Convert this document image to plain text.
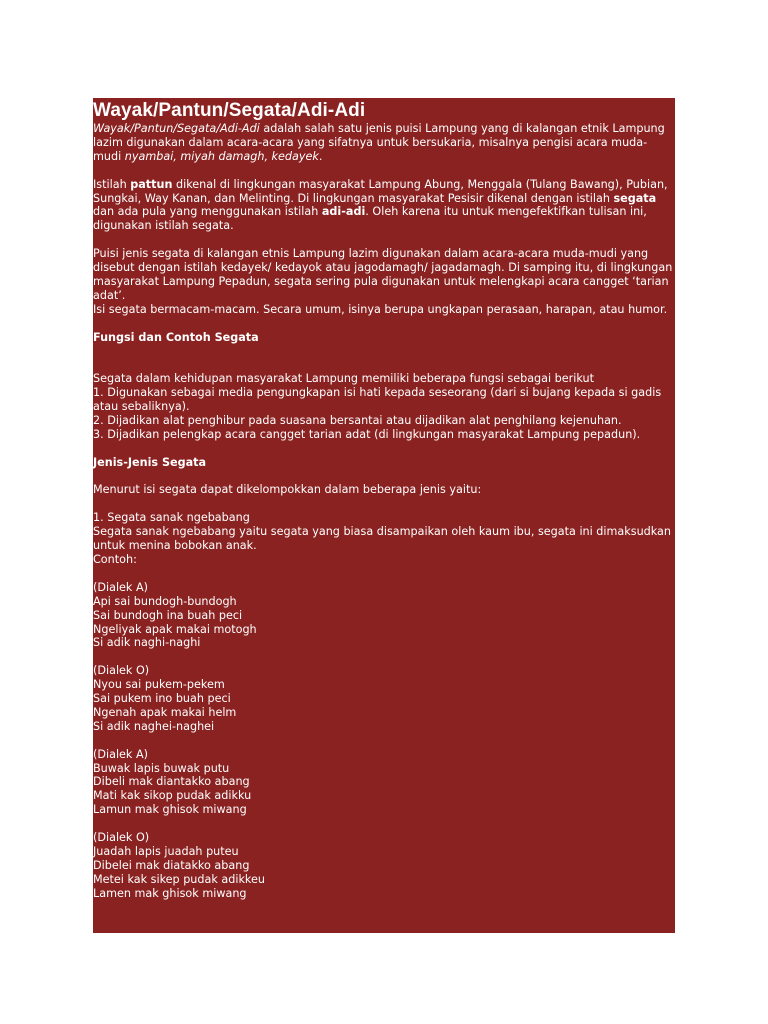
Wayak/Pantun/Segata/Adi-Adi

Wayak/Pantun/Segata/Adi-Adi adalah salah satu jenis puisi Lampung yang di kalangan etnik Lampung lazim digunakan dalam acara-acara yang sifatnya untuk bersukaria, misalnya pengisi acara muda-mudi nyambai, miyah damagh, kedayek.

Istilah pattun dikenal di lingkungan masyarakat Lampung Abung, Menggala (Tulang Bawang), Pubian, Sungkai, Way Kanan, dan Melinting. Di lingkungan masyarakat Pesisir dikenal dengan istilah segata dan ada pula yang menggunakan istilah adi-adi. Oleh karena itu untuk mengefektifkan tulisan ini, digunakan istilah segata.

Puisi jenis segata di kalangan etnis Lampung lazim digunakan dalam acara-acara muda-mudi yang disebut dengan istilah kedayek/ kedayok atau jagodamagh/ jagadamagh. Di samping itu, di lingkungan masyarakat Lampung Pepadun, segata sering pula digunakan untuk melengkapi acara cangget ‘tarian adat’.

Isi segata bermacam-macam. Secara umum, isinya berupa ungkapan perasaan, harapan, atau humor.

Fungsi dan Contoh Segata

Segata dalam kehidupan masyarakat Lampung memiliki beberapa fungsi sebagai berikut

1. Digunakan sebagai media pengungkapan isi hati kepada seseorang (dari si bujang kepada si gadis atau sebaliknya).

2. Dijadikan alat penghibur pada suasana bersantai atau dijadikan alat penghilang kejenuhan.

3. Dijadikan pelengkap acara cangget tarian adat (di lingkungan masyarakat Lampung pepadun).

Jenis-Jenis Segata

Menurut isi segata dapat dikelompokkan dalam beberapa jenis yaitu:

1. Segata sanak ngebabang

Segata sanak ngebabang yaitu segata yang biasa disampaikan oleh kaum ibu, segata ini dimaksudkan untuk menina bobokan anak.

Contoh:

(Dialek A)

Api sai bundogh-bundogh

Sai bundogh ina buah peci

Ngeliyak apak makai motogh

Si adik naghi-naghi

(Dialek O)

Nyou sai pukem-pekem

Sai pukem ino buah peci

Ngenah apak makai helm

Si adik naghei-naghei

(Dialek A)

Buwak lapis buwak putu

Dibeli mak diantakko abang

Mati kak sikop pudak adikku

Lamun mak ghisok miwang

(Dialek O)

Juadah lapis juadah puteu

Dibelei mak diatakko abang

Metei kak sikep pudak adikkeu

Lamen mak ghisok miwang
